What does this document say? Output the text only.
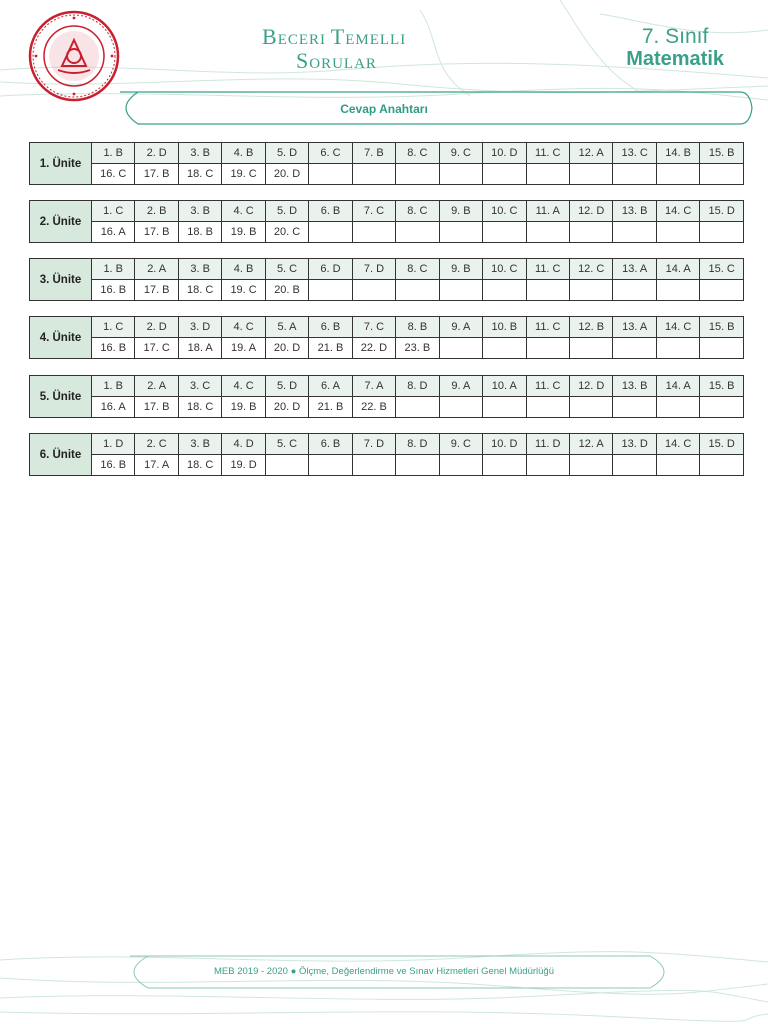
BECERI TEMELLI
SORULAR
7. Sınıf
Matematik
Cevap Anahtarı
1. Ünite	1. B	2. D	3. B	4. B	5. D	6. C	7. B	8. C	9. C	10. D	11. C	12. A	13. C	14. B	15. B
	16. C	17. B	18. C	19. C	20. D										
2. Ünite	1. C	2. B	3. B	4. C	5. D	6. B	7. C	8. C	9. B	10. C	11. A	12. D	13. B	14. C	15. D
	16. A	17. B	18. B	19. B	20. C										
3. Ünite	1. B	2. A	3. B	4. B	5. C	6. D	7. D	8. C	9. B	10. C	11. C	12. C	13. A	14. A	15. C
	16. B	17. B	18. C	19. C	20. B										
4. Ünite	1. C	2. D	3. D	4. C	5. A	6. B	7. C	8. B	9. A	10. B	11. C	12. B	13. A	14. C	15. B
	16. B	17. C	18. A	19. A	20. D	21. B	22. D	23. B							
5. Ünite	1. B	2. A	3. C	4. C	5. D	6. A	7. A	8. D	9. A	10. A	11. C	12. D	13. B	14. A	15. B
	16. A	17. B	18. C	19. B	20. D	21. B	22. B								
6. Ünite	1. D	2. C	3. B	4. D	5. C	6. B	7. D	8. D	9. C	10. D	11. D	12. A	13. D	14. C	15. D
	16. B	17. A	18. C	19. D											
MEB 2019 - 2020 ● Ölçme, Değerlendirme ve Sınav Hizmetleri Genel Müdürlüğü
